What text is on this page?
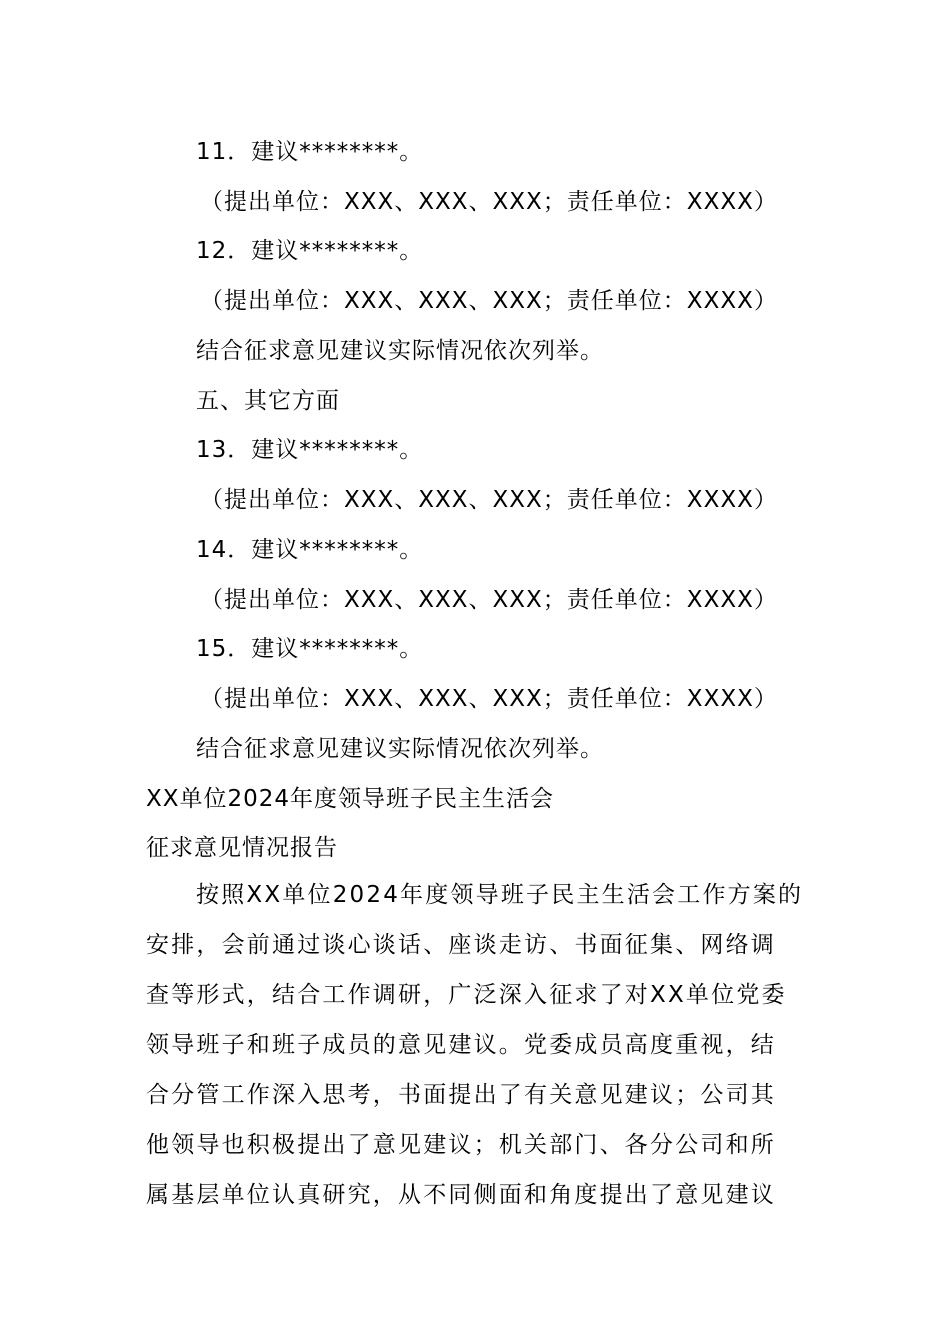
11．建议********。
（提出单位：XXX、XXX、XXX；责任单位：XXXX）
12．建议********。
（提出单位：XXX、XXX、XXX；责任单位：XXXX）
结合征求意见建议实际情况依次列举。
五、其它方面
13．建议********。
（提出单位：XXX、XXX、XXX；责任单位：XXXX）
14．建议********。
（提出单位：XXX、XXX、XXX；责任单位：XXXX）
15．建议********。
（提出单位：XXX、XXX、XXX；责任单位：XXXX）
结合征求意见建议实际情况依次列举。
XX单位2024年度领导班子民主生活会
征求意见情况报告
按照XX单位2024年度领导班子民主生活会工作方案的
安排，会前通过谈心谈话、座谈走访、书面征集、网络调
查等形式，结合工作调研，广泛深入征求了对XX单位党委
领导班子和班子成员的意见建议。党委成员高度重视，结
合分管工作深入思考，书面提出了有关意见建议；公司其
他领导也积极提出了意见建议；机关部门、各分公司和所
属基层单位认真研究，从不同侧面和角度提出了意见建议
